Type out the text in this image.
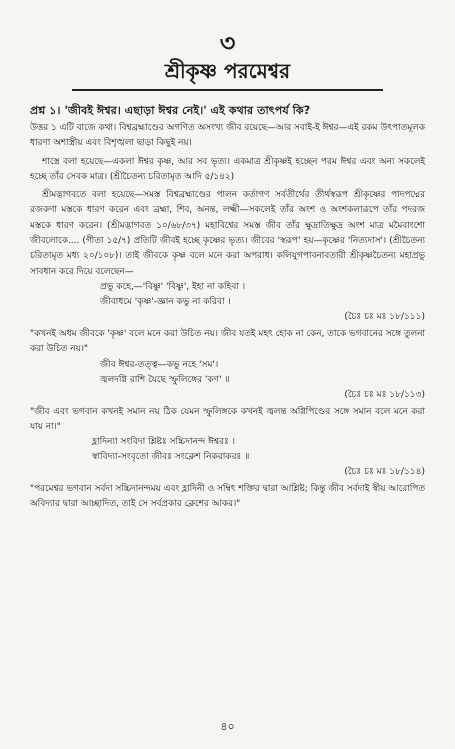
৩
শ্রীকৃষ্ণ পরমেশ্বর
প্রশ্ন ১। 'জীবই ঈশ্বর। এছাড়া ঈশ্বর নেই।' এই কথার তাৎপর্য কি?
উত্তর ১ এটি বাজে কথা। বিশ্বব্রহ্মাণ্ডের অগণিত অসংখ্য জীব রয়েছে—আর সবাই-ই ঈশ্বর—এই রকম উৎপাতমূলক ধারণা অশাস্ত্রীয় এবং বিশৃঙ্খলা ছাড়া কিছুই নয়।
শাস্ত্রে বলা হয়েছে—একলা ঈশ্বর কৃষ্ণ, আর সব ভৃত্য। একমাত্র শ্রীকৃষ্ণই হচ্ছেন পরম ঈশ্বর এবং অন্য সকলেই হচ্ছে তাঁর সেবক মাত্র। (শ্রীচৈতন্য চরিতামৃত আদি ৫/১৪২)
শ্রীমদ্ভাগবতে বলা হয়েছে—সমস্ত বিশ্বব্রহ্মাণ্ডের পালন কর্তাগণ সর্বতীর্থের তীর্থস্বরূপ শ্রীকৃষ্ণের পাদপদ্মের রজকণা মস্তকে ধারণ করেন এবং ব্রহ্মা, শিব, অনন্ত, লক্ষ্মী—সকলেই তাঁর অংশ ও অংশকলারূপে তাঁর পদরজ মস্তকে ধারণ করেন। (শ্রীমদ্ভাগবত ১০/৬৮/৩৭) মহাবিশ্বের সমস্ত জীব তাঁর ক্ষুদ্রাতিক্ষুদ্র অংশ মাত্র মমৈবাংশো জীবলোকে.... (গীতা ১৫/৭) প্রতিটি জীবই হচ্ছে কৃষ্ণের ভৃত্য। জীবের 'স্বরূপ' হয়—কৃষ্ণের 'নিত্যদাস'। (শ্রীচৈতন্য চরিতামৃত মধ্য ২০/১০৮)। তাই জীবকে কৃষ্ণ বলে মনে করা অপরাধ। কলিযুগপাবনাবতারী শ্রীকৃষ্ণচৈতন্য মহাপ্রভু সাবধান করে দিয়ে বলেছেন—
প্রভু কহে,—'বিষ্ণু' 'বিষ্ণু', ইহা না কহিবা ।
জীবাধমে 'কৃষ্ণ'-জ্ঞান কভু না করিবা ।
(চৈঃ চঃ মঃ ১৮/১১১)
"কখনই অধম জীবকে 'কৃষ্ণ' বলে মনে করা উচিত নয়। জীব যতই মহৎ হোক না কেন, তাকে ভগবানের সঙ্গে তুলনা করা উচিত নয়।"
জীব ঈশ্বর-তত্ত্ব—কভু নহে 'সম'।
জ্বলদগ্নি রাশি যৈছে স্ফুলিঙ্গের 'কণ' ॥
(চৈঃ চঃ মঃ ১৮/১১৩)
"জীব এবং ভগবান কখনই সমান নয় ঠিক যেমন স্ফুলিঙ্গকে কখনই জ্বলন্ত অগ্নিপিণ্ডের সঙ্গে সমান বলে মনে করা যায় না।"
হ্লাদিন্যা সংবিদা শ্লিষ্টঃ সচ্চিদানন্দ ঈশ্বরঃ ।
স্বাবিদ্যা-সংবৃতো জীবঃ সংক্লেশ নিকরাকরঃ ॥
(চৈঃ চঃ মঃ ১৮/১১৪)
"পরমেশ্বর ভগবান সর্বদা সচ্চিদানন্দময় এবং হ্লাদিনী ও সম্বিৎ শক্তির দ্বারা আশ্লিষ্ট; কিন্তু জীব সর্বদাই স্বীয় আরোপিত অবিদ্যার দ্বারা আচ্ছাদিত, তাই সে সর্বপ্রকার ক্লেশের আকর।"
৪০
